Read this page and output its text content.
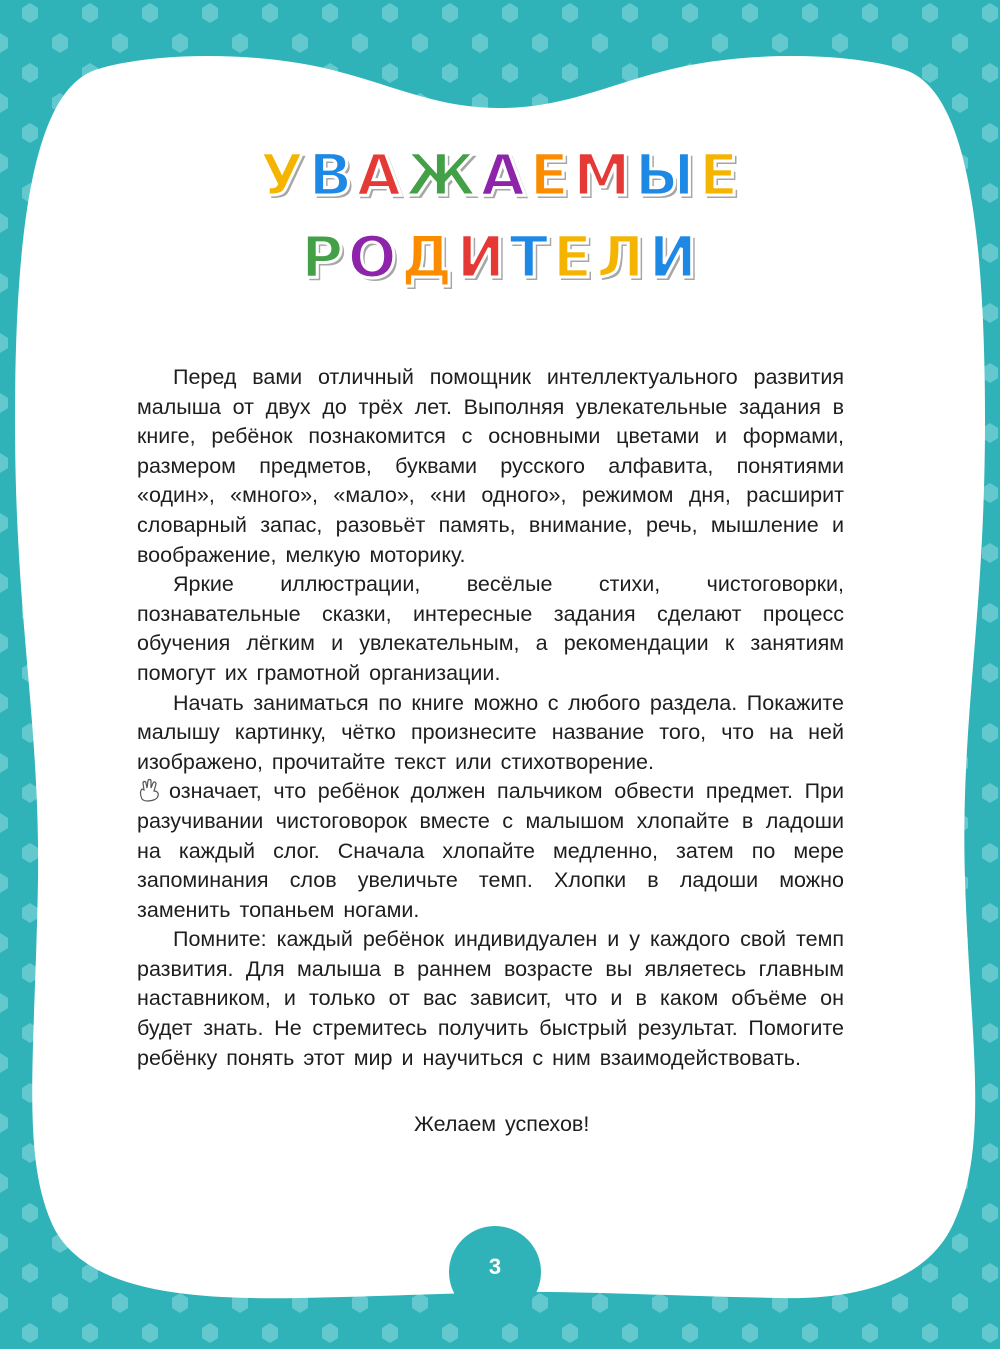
УВАЖАЕМЫЕ
РОДИТЕЛИ

Перед вами отличный помощник интеллектуального развития малыша от двух до трёх лет. Выполняя увлекательные задания в книге, ребёнок познакомится с основными цветами и формами, размером предметов, буквами русского алфавита, понятиями «один», «много», «мало», «ни одного», режимом дня, расширит словарный запас, разовьёт память, внимание, речь, мышление и воображение, мелкую моторику.

Яркие иллюстрации, весёлые стихи, чистоговорки, познавательные сказки, интересные задания сделают процесс обучения лёгким и увлекательным, а рекомендации к занятиям помогут их грамотной организации.

Начать заниматься по книге можно с любого раздела. Покажите малышу картинку, чётко произнесите название того, что на ней изображено, прочитайте текст или стихотворение.

означает, что ребёнок должен пальчиком обвести предмет. При разучивании чистоговорок вместе с малышом хлопайте в ладоши на каждый слог. Сначала хлопайте медленно, затем по мере запоминания слов увеличьте темп. Хлопки в ладоши можно заменить топаньем ногами.

Помните: каждый ребёнок индивидуален и у каждого свой темп развития. Для малыша в раннем возрасте вы являетесь главным наставником, и только от вас зависит, что и в каком объёме он будет знать. Не стремитесь получить быстрый результат. Помогите ребёнку понять этот мир и научиться с ним взаимодействовать.

Желаем успехов!
3
